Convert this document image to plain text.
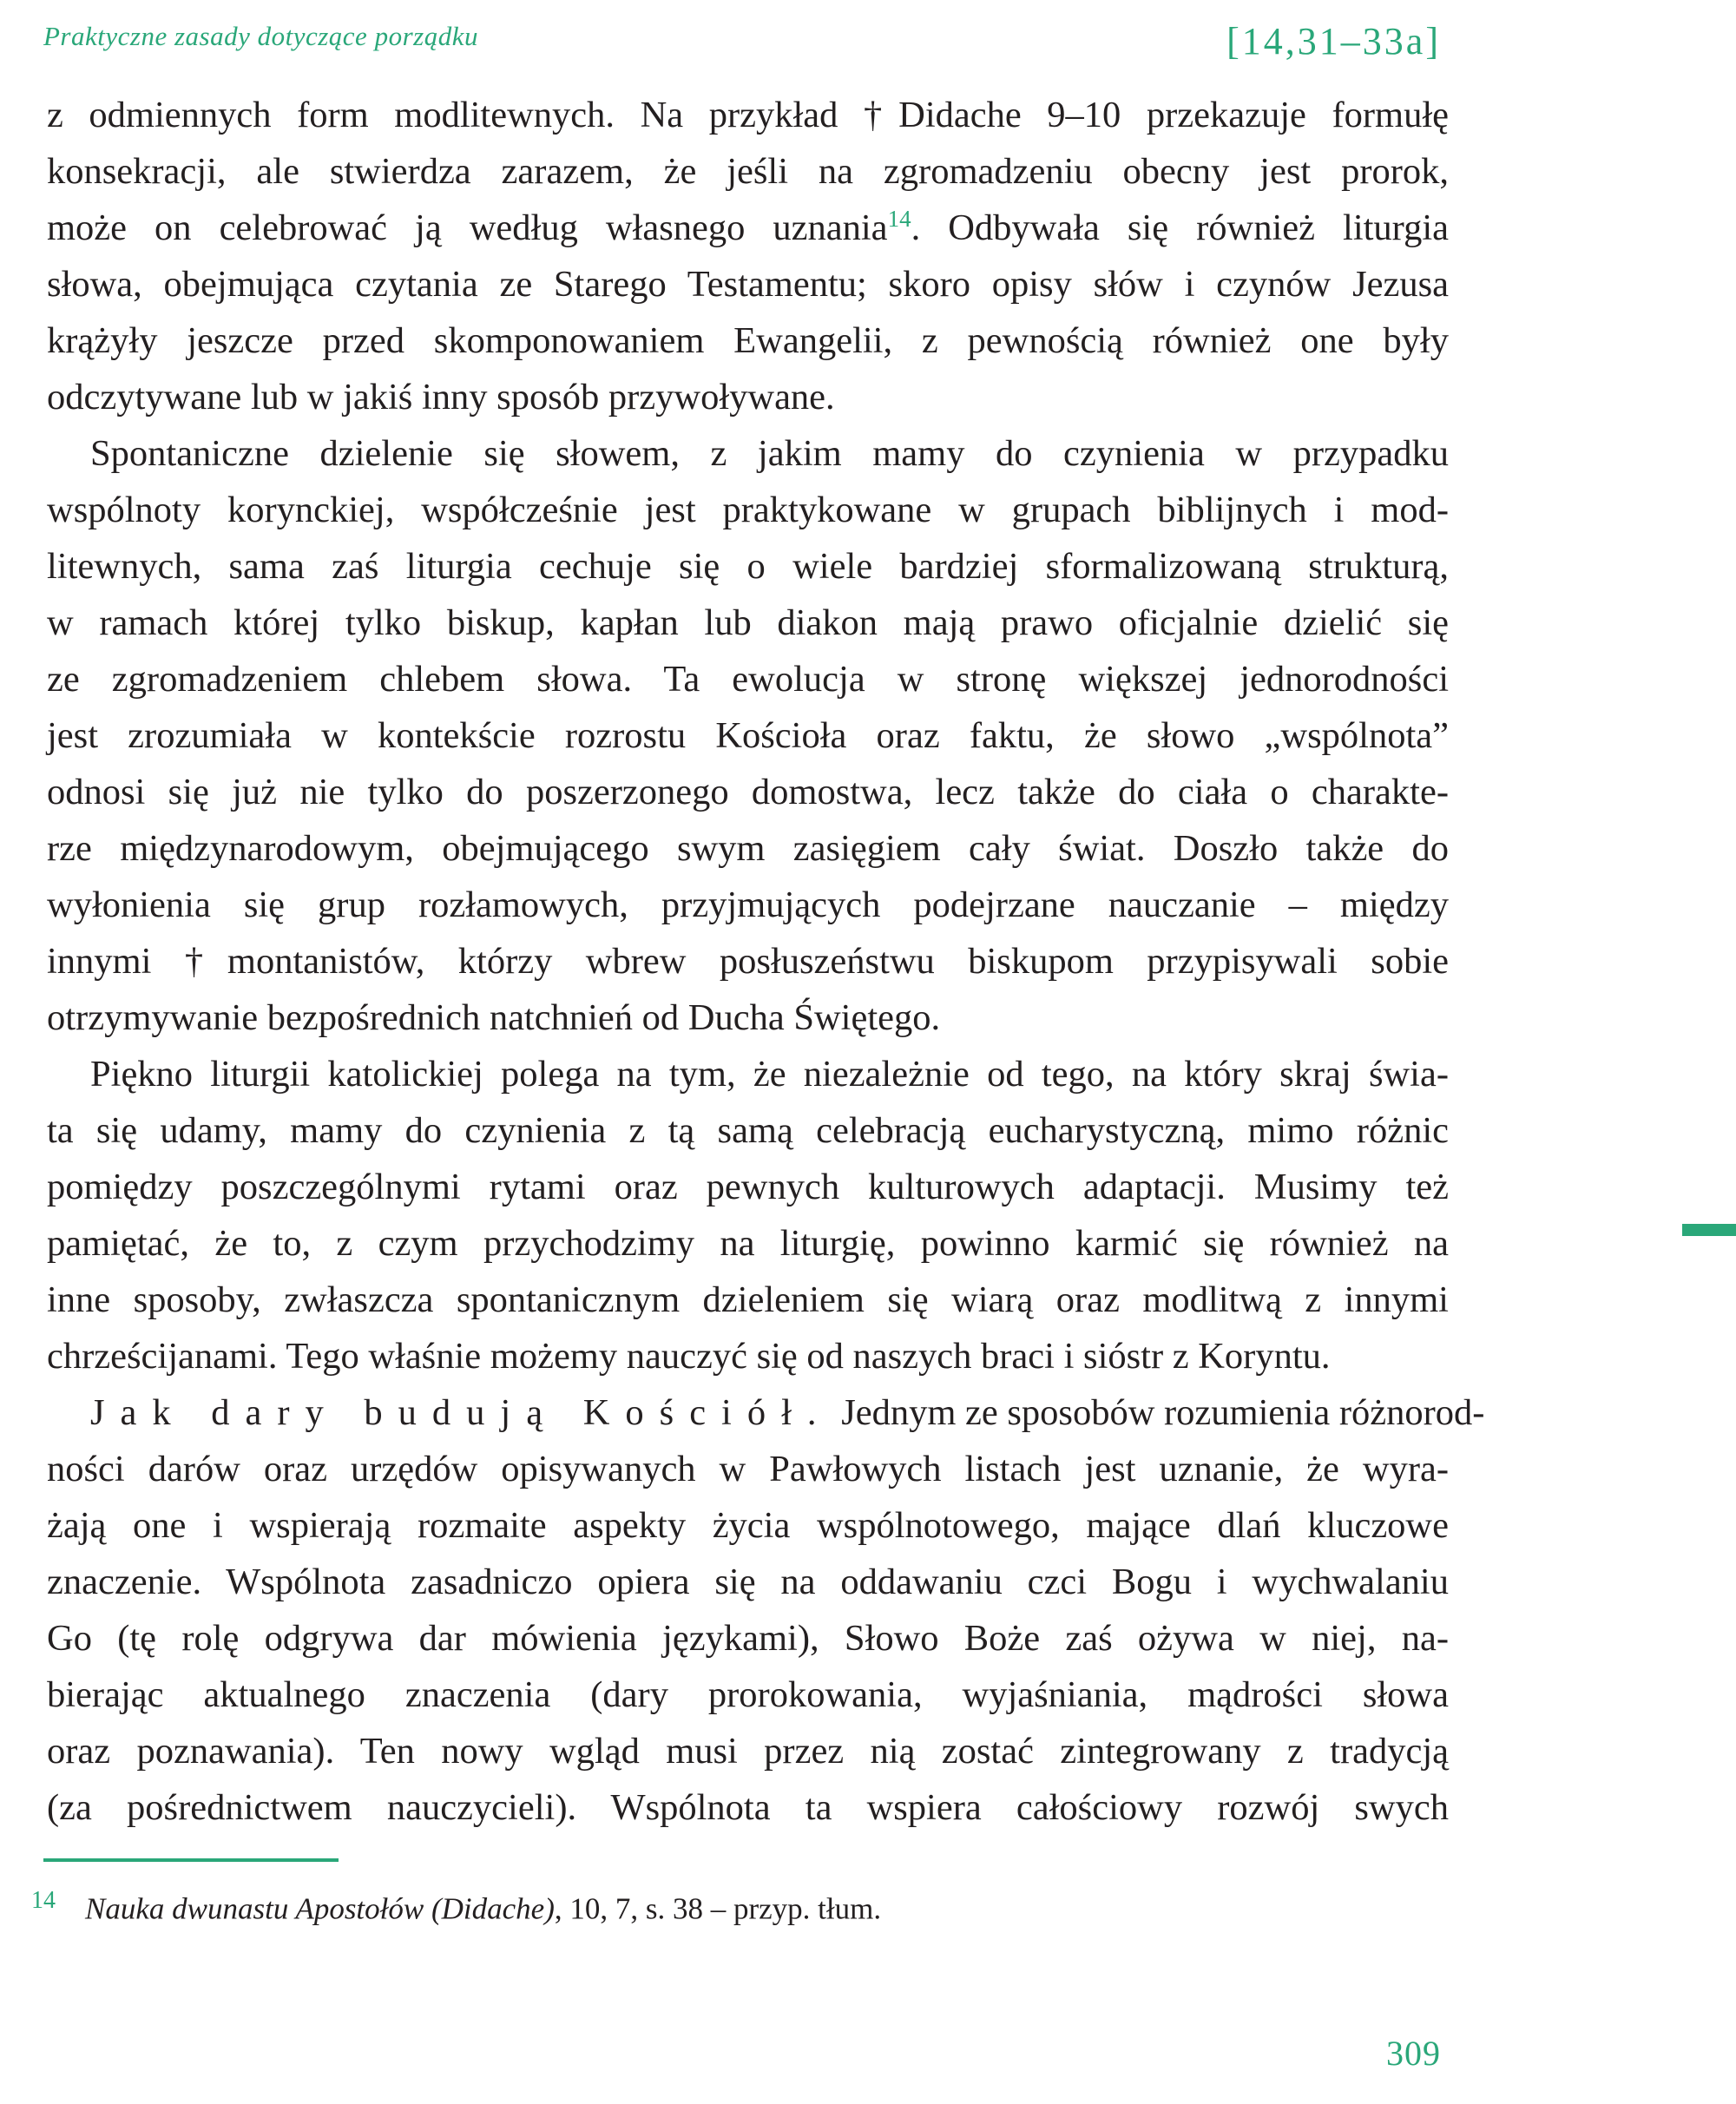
Praktyczne zasady dotyczące porządku	[14,31–33a]
z odmiennych form modlitewnych. Na przykład †Didache 9–10 przekazuje formułę
konsekracji, ale stwierdza zarazem, że jeśli na zgromadzeniu obecny jest prorok,
może on celebrować ją według własnego uznania$^{14}$. Odbywała się również liturgia
słowa, obejmująca czytania ze Starego Testamentu; skoro opisy słów i czynów Jezusa
krążyły jeszcze przed skomponowaniem Ewangelii, z pewnością również one były
odczytywane lub w jakiś inny sposób przywoływane.
Spontaniczne dzielenie się słowem, z jakim mamy do czynienia w przypadku
wspólnoty korynckiej, współcześnie jest praktykowane w grupach biblijnych i mod-
litewnych, sama zaś liturgia cechuje się o wiele bardziej sformalizowaną strukturą,
w ramach której tylko biskup, kapłan lub diakon mają prawo oficjalnie dzielić się
ze zgromadzeniem chlebem słowa. Ta ewolucja w stronę większej jednorodności
jest zrozumiała w kontekście rozrostu Kościoła oraz faktu, że słowo „wspólnota”
odnosi się już nie tylko do poszerzonego domostwa, lecz także do ciała o charakte-
rze międzynarodowym, obejmującego swym zasięgiem cały świat. Doszło także do
wyłonienia się grup rozłamowych, przyjmujących podejrzane nauczanie – między
innymi †montanistów, którzy wbrew posłuszeństwu biskupom przypisywali sobie
otrzymywanie bezpośrednich natchnień od Ducha Świętego.
Piękno liturgii katolickiej polega na tym, że niezależnie od tego, na który skraj świa-
ta się udamy, mamy do czynienia z tą samą celebracją eucharystyczną, mimo różnic
pomiędzy poszczególnymi rytami oraz pewnych kulturowych adaptacji. Musimy też
pamiętać, że to, z czym przychodzimy na liturgię, powinno karmić się również na
inne sposoby, zwłaszcza spontanicznym dzieleniem się wiarą oraz modlitwą z innymi
chrześcijanami. Tego właśnie możemy nauczyć się od naszych braci i sióstr z Koryntu.
Jak dary budują Kościół. Jednym ze sposobów rozumienia różnorod-
ności darów oraz urzędów opisywanych w Pawłowych listach jest uznanie, że wyra-
żają one i wspierają rozmaite aspekty życia wspólnotowego, mające dlań kluczowe
znaczenie. Wspólnota zasadniczo opiera się na oddawaniu czci Bogu i wychwalaniu
Go (tę rolę odgrywa dar mówienia językami), Słowo Boże zaś ożywa w niej, na-
bierając aktualnego znaczenia (dary prorokowania, wyjaśniania, mądrości słowa
oraz poznawania). Ten nowy wgląd musi przez nią zostać zintegrowany z tradycją
(za pośrednictwem nauczycieli). Wspólnota ta wspiera całościowy rozwój swych
$^{14}$ Nauka dwunastu Apostołów (Didache), 10, 7, s. 38 – przyp. tłum.
309
